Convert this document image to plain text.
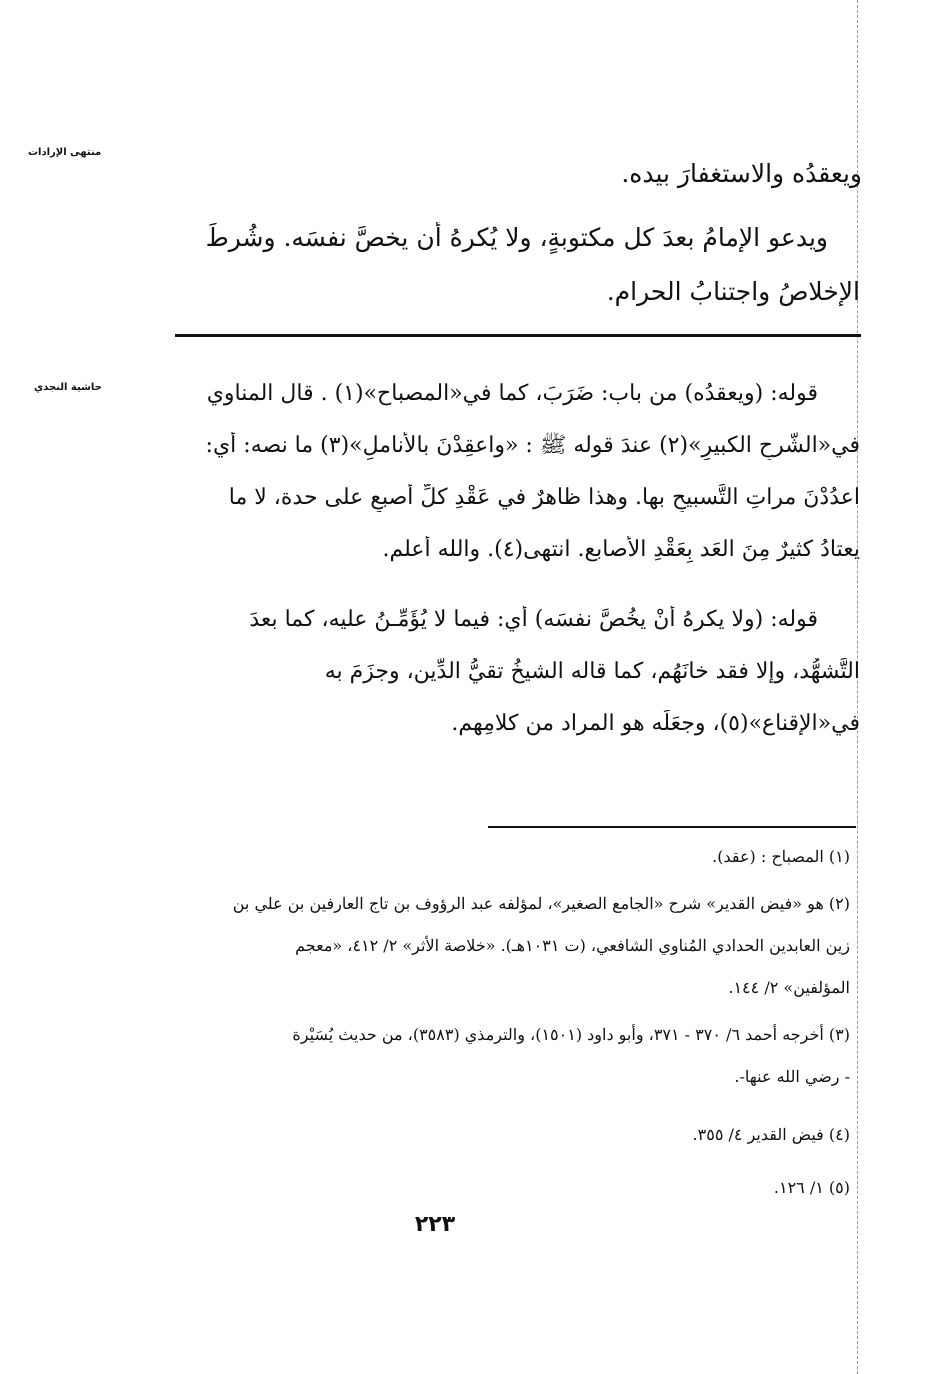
منتهى الإرادات
حاشية النجدي
ويعقدُه والاستغفارَ بيده.
ويدعو الإمامُ بعدَ كل مكتوبةٍ، ولا يُكرهُ أن يخصَّ نفسَه. وشُرطَ
الإخلاصُ واجتنابُ الحرامِ.
قوله: (ويعقدُه) من باب: ضَرَبَ، كما في«المصباح»(١) . قال المناوي
في«الشَّرحِ الكبيرِ»(٢) عندَ قوله ﷺ : «واعقِدْنَ بالأناملِ»(٣) ما نصه: أي:
اعدُدْنَ مراتِ التَّسبيحِ بها. وهذا ظاهرٌ في عَقْدِ كلِّ أصبعٍ على حدة، لا ما
يعتادُ كثيرٌ مِنَ العَد بِعَقْدِ الأصابع. انتهى(٤). والله أعلم.
قوله: (ولا يكرهُ أنْ يخُصَّ نفسَه) أي: فيما لا يُؤَمِّـنُ عليه، كما بعدَ
التَّشهُّد، وإلا فقد خانَهُم، كما قاله الشيخُ تقيُّ الدِّين، وجزَمَ به
في«الإقناع»(٥)، وجعَلَه هو المراد من كلامِهم.
(١) المصباح : (عقد).
(٢) هو «فيض القدير» شرح «الجامع الصغير»، لمؤلفه عبد الرؤوف بن تاج العارفين بن علي بن
زين العابدين الحدادي المُناوي الشافعي، (ت ١٠٣١هـ). «خلاصة الأثر» ٢/ ٤١٢، «معجم
المؤلفين» ٢/ ١٤٤.
(٣) أخرجه أحمد ٦/ ٣٧٠ - ٣٧١، وأبو داود (١٥٠١)، والترمذي (٣٥٨٣)، من حديث يُسَيْرة
- رضي الله عنها-.
(٤) فيض القدير ٤/ ٣٥٥.
(٥) ١/ ١٢٦.
٢٢٣
